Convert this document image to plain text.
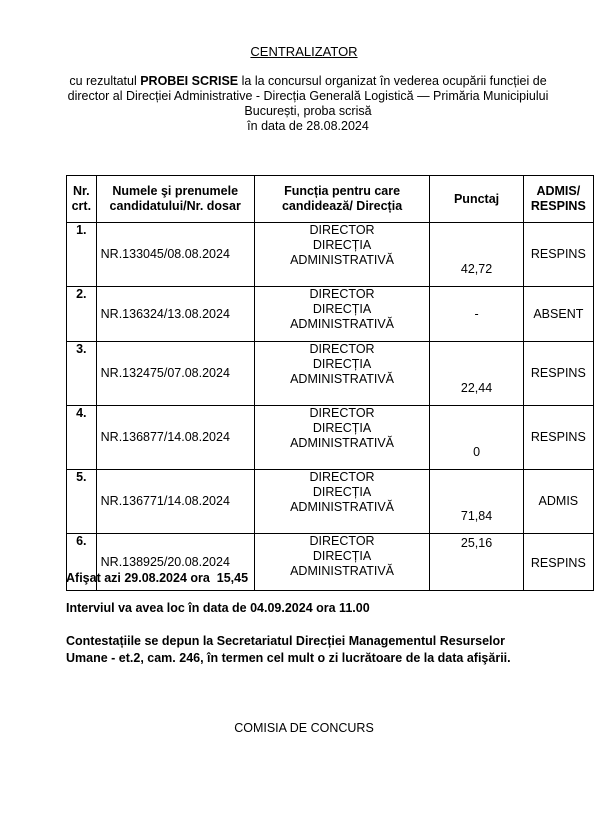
CENTRALIZATOR
cu rezultatul PROBEI SCRISE la la concursul organizat în vederea ocupării funcției de director al Direcției Administrative - Direcția Generală Logistică — Primăria Municipiului București, proba scrisă
în data de 28.08.2024
Nr. crt.	Numele şi prenumele candidatului/Nr. dosar	Funcția pentru care candidează/ Direcția	Punctaj	ADMIS/ RESPINS
1.	NR.133045/08.08.2024	DIRECTOR
DIRECȚIA
ADMINISTRATIVĂ	42,72	RESPINS
2.	NR.136324/13.08.2024	DIRECTOR
DIRECȚIA
ADMINISTRATIVĂ	-	ABSENT
3.	NR.132475/07.08.2024	DIRECTOR
DIRECȚIA
ADMINISTRATIVĂ	22,44	RESPINS
4.	NR.136877/14.08.2024	DIRECTOR
DIRECȚIA
ADMINISTRATIVĂ	0	RESPINS
5.	NR.136771/14.08.2024	DIRECTOR
DIRECȚIA
ADMINISTRATIVĂ	71,84	ADMIS
6.	NR.138925/20.08.2024	DIRECTOR
DIRECȚIA
ADMINISTRATIVĂ	25,16	RESPINS
Afişat azi 29.08.2024 ora  15,45
Interviul va avea loc în data de 04.09.2024 ora 11.00
Contestațiile se depun la Secretariatul Direcției Managementul Resurselor Umane - et.2, cam. 246, în termen cel mult o zi lucrătoare de la data afişării.
COMISIA DE CONCURS
